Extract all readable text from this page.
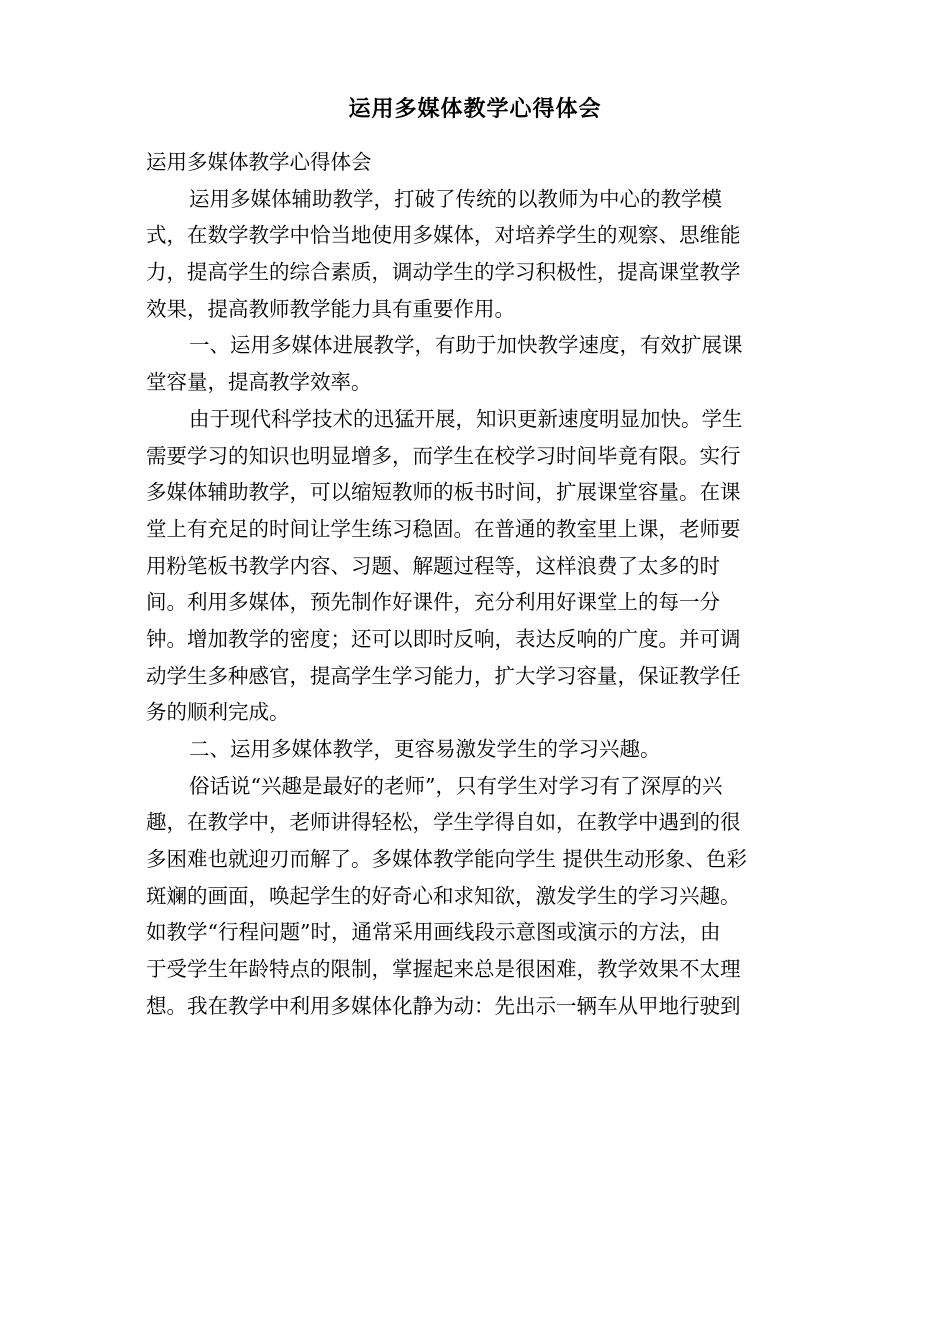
运用多媒体教学心得体会
运用多媒体教学心得体会
运用多媒体辅助教学，打破了传统的以教师为中心的教学模
式，在数学教学中恰当地使用多媒体，对培养学生的观察、思维能
力，提高学生的综合素质，调动学生的学习积极性，提高课堂教学
效果，提高教师教学能力具有重要作用。
一、运用多媒体进展教学，有助于加快教学速度，有效扩展课
堂容量，提高教学效率。
由于现代科学技术的迅猛开展，知识更新速度明显加快。学生
需要学习的知识也明显增多，而学生在校学习时间毕竟有限。实行
多媒体辅助教学，可以缩短教师的板书时间，扩展课堂容量。在课
堂上有充足的时间让学生练习稳固。在普通的教室里上课，老师要
用粉笔板书教学内容、习题、解题过程等，这样浪费了太多的时
间。利用多媒体，预先制作好课件，充分利用好课堂上的每一分
钟。增加教学的密度；还可以即时反响，表达反响的广度。并可调
动学生多种感官，提高学生学习能力，扩大学习容量，保证教学任
务的顺利完成。
二、运用多媒体教学，更容易激发学生的学习兴趣。
俗话说“兴趣是最好的老师”，只有学生对学习有了深厚的兴
趣，在教学中，老师讲得轻松，学生学得自如，在教学中遇到的很
多困难也就迎刃而解了。多媒体教学能向学生 提供生动形象、色彩
斑斓的画面，唤起学生的好奇心和求知欲，激发学生的学习兴趣。
如教学“行程问题”时，通常采用画线段示意图或演示的方法，由
于受学生年龄特点的限制，掌握起来总是很困难，教学效果不太理
想。我在教学中利用多媒体化静为动：先出示一辆车从甲地行驶到
